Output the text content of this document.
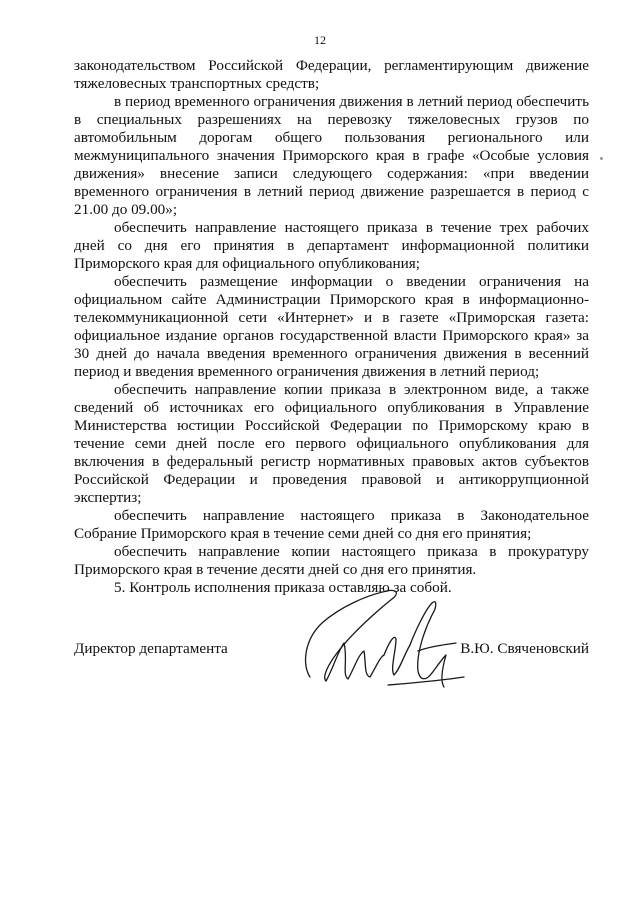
12

законодательством Российской Федерации, регламентирующим движение тяжеловесных транспортных средств;

в период временного ограничения движения в летний период обеспечить в специальных разрешениях на перевозку тяжеловесных грузов по автомобильным дорогам общего пользования регионального или межмуниципального значения Приморского края в графе «Особые условия движения» внесение записи следующего содержания: «при введении временного ограничения в летний период движение разрешается в период с 21.00 до 09.00»;

обеспечить направление настоящего приказа в течение трех рабочих дней со дня его принятия в департамент информационной политики Приморского края для официального опубликования;

обеспечить размещение информации о введении ограничения на официальном сайте Администрации Приморского края в информационно-телекоммуникационной сети «Интернет» и в газете «Приморская газета: официальное издание органов государственной власти Приморского края» за 30 дней до начала введения временного ограничения движения в весенний период и введения временного ограничения движения в летний период;

обеспечить направление копии приказа в электронном виде, а также сведений об источниках его официального опубликования в Управление Министерства юстиции Российской Федерации по Приморскому краю в течение семи дней после его первого официального опубликования для включения в федеральный регистр нормативных правовых актов субъектов Российской Федерации и проведения правовой и антикоррупционной экспертиз;

обеспечить направление настоящего приказа в Законодательное Собрание Приморского края в течение семи дней со дня его принятия;

обеспечить направление копии настоящего приказа в прокуратуру Приморского края в течение десяти дней со дня его принятия.

5. Контроль исполнения приказа оставляю за собой.

Директор департамента	В.Ю. Свяченовский
